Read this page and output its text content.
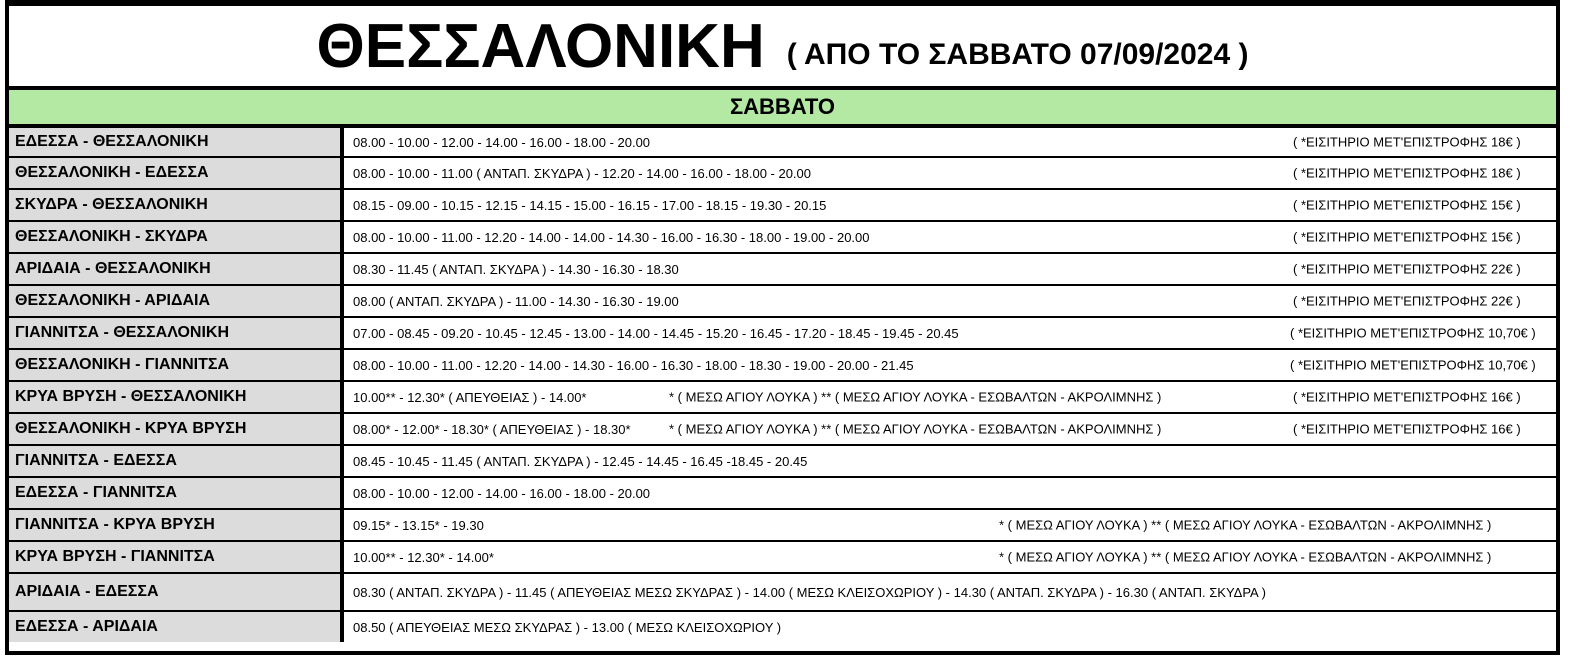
ΘΕΣΣΑΛΟΝΙΚΗ ( ΑΠΟ ΤΟ ΣΑΒΒΑΤΟ 07/09/2024 )
ΣΑΒΒΑΤΟ
ΕΔΕΣΣΑ - ΘΕΣΣΑΛΟΝΙΚΗ	08.00 - 10.00 - 12.00 - 14.00 - 16.00 - 18.00 - 20.00	( *ΕΙΣΙΤΗΡΙΟ ΜΕΤ'ΕΠΙΣΤΡΟΦΗΣ 18€ )
ΘΕΣΣΑΛΟΝΙΚΗ - ΕΔΕΣΣΑ	08.00 - 10.00 - 11.00 ( ΑΝΤΑΠ. ΣΚΥΔΡΑ ) - 12.20 - 14.00 - 16.00 - 18.00 - 20.00	( *ΕΙΣΙΤΗΡΙΟ ΜΕΤ'ΕΠΙΣΤΡΟΦΗΣ 18€ )
ΣΚΥΔΡΑ - ΘΕΣΣΑΛΟΝΙΚΗ	08.15 - 09.00 - 10.15 - 12.15 - 14.15 - 15.00 - 16.15 - 17.00 - 18.15 - 19.30 - 20.15	( *ΕΙΣΙΤΗΡΙΟ ΜΕΤ'ΕΠΙΣΤΡΟΦΗΣ 15€ )
ΘΕΣΣΑΛΟΝΙΚΗ - ΣΚΥΔΡΑ	08.00 - 10.00 - 11.00 - 12.20 - 14.00 - 14.00 - 14.30 - 16.00 - 16.30 - 18.00 - 19.00 - 20.00	( *ΕΙΣΙΤΗΡΙΟ ΜΕΤ'ΕΠΙΣΤΡΟΦΗΣ 15€ )
ΑΡΙΔΑΙΑ - ΘΕΣΣΑΛΟΝΙΚΗ	08.30 - 11.45 ( ΑΝΤΑΠ. ΣΚΥΔΡΑ ) - 14.30 - 16.30 - 18.30	( *ΕΙΣΙΤΗΡΙΟ ΜΕΤ'ΕΠΙΣΤΡΟΦΗΣ 22€ )
ΘΕΣΣΑΛΟΝΙΚΗ - ΑΡΙΔΑΙΑ	08.00 ( ΑΝΤΑΠ. ΣΚΥΔΡΑ ) - 11.00 - 14.30 - 16.30 - 19.00	( *ΕΙΣΙΤΗΡΙΟ ΜΕΤ'ΕΠΙΣΤΡΟΦΗΣ 22€ )
ΓΙΑΝΝΙΤΣΑ - ΘΕΣΣΑΛΟΝΙΚΗ	07.00 - 08.45 - 09.20 - 10.45 - 12.45 - 13.00 - 14.00 - 14.45 - 15.20 - 16.45 - 17.20 - 18.45 - 19.45 - 20.45	( *ΕΙΣΙΤΗΡΙΟ ΜΕΤ'ΕΠΙΣΤΡΟΦΗΣ 10,70€ )
ΘΕΣΣΑΛΟΝΙΚΗ - ΓΙΑΝΝΙΤΣΑ	08.00 - 10.00 - 11.00 - 12.20 - 14.00 - 14.30 - 16.00 - 16.30 - 18.00 - 18.30 - 19.00 - 20.00 - 21.45	( *ΕΙΣΙΤΗΡΙΟ ΜΕΤ'ΕΠΙΣΤΡΟΦΗΣ 10,70€ )
ΚΡΥΑ ΒΡΥΣΗ - ΘΕΣΣΑΛΟΝΙΚΗ	10.00** - 12.30* ( ΑΠΕΥΘΕΙΑΣ ) - 14.00*	* ( ΜΕΣΩ ΑΓΙΟΥ ΛΟΥΚΑ ) ** ( ΜΕΣΩ ΑΓΙΟΥ ΛΟΥΚΑ - ΕΣΩΒΑΛΤΩΝ - ΑΚΡΟΛΙΜΝΗΣ )	( *ΕΙΣΙΤΗΡΙΟ ΜΕΤ'ΕΠΙΣΤΡΟΦΗΣ 16€ )
ΘΕΣΣΑΛΟΝΙΚΗ - ΚΡΥΑ ΒΡΥΣΗ	08.00* - 12.00* - 18.30* ( ΑΠΕΥΘΕΙΑΣ ) - 18.30*	* ( ΜΕΣΩ ΑΓΙΟΥ ΛΟΥΚΑ ) ** ( ΜΕΣΩ ΑΓΙΟΥ ΛΟΥΚΑ - ΕΣΩΒΑΛΤΩΝ - ΑΚΡΟΛΙΜΝΗΣ )	( *ΕΙΣΙΤΗΡΙΟ ΜΕΤ'ΕΠΙΣΤΡΟΦΗΣ 16€ )
ΓΙΑΝΝΙΤΣΑ - ΕΔΕΣΣΑ	08.45 - 10.45 - 11.45 ( ΑΝΤΑΠ. ΣΚΥΔΡΑ ) - 12.45 - 14.45 - 16.45 -18.45 - 20.45
ΕΔΕΣΣΑ - ΓΙΑΝΝΙΤΣΑ	08.00 - 10.00 - 12.00 - 14.00 - 16.00 - 18.00 - 20.00
ΓΙΑΝΝΙΤΣΑ - ΚΡΥΑ ΒΡΥΣΗ	09.15* - 13.15* - 19.30	* ( ΜΕΣΩ ΑΓΙΟΥ ΛΟΥΚΑ ) ** ( ΜΕΣΩ ΑΓΙΟΥ ΛΟΥΚΑ - ΕΣΩΒΑΛΤΩΝ - ΑΚΡΟΛΙΜΝΗΣ )
ΚΡΥΑ ΒΡΥΣΗ - ΓΙΑΝΝΙΤΣΑ	10.00** - 12.30* - 14.00*	* ( ΜΕΣΩ ΑΓΙΟΥ ΛΟΥΚΑ ) ** ( ΜΕΣΩ ΑΓΙΟΥ ΛΟΥΚΑ - ΕΣΩΒΑΛΤΩΝ - ΑΚΡΟΛΙΜΝΗΣ )
ΑΡΙΔΑΙΑ - ΕΔΕΣΣΑ	08.30 ( ΑΝΤΑΠ. ΣΚΥΔΡΑ ) - 11.45 ( ΑΠΕΥΘΕΙΑΣ ΜΕΣΩ ΣΚΥΔΡΑΣ ) - 14.00 ( ΜΕΣΩ ΚΛΕΙΣΟΧΩΡΙΟΥ ) - 14.30 ( ΑΝΤΑΠ. ΣΚΥΔΡΑ ) - 16.30 ( ΑΝΤΑΠ. ΣΚΥΔΡΑ )
ΕΔΕΣΣΑ - ΑΡΙΔΑΙΑ	08.50 ( ΑΠΕΥΘΕΙΑΣ ΜΕΣΩ ΣΚΥΔΡΑΣ ) - 13.00 ( ΜΕΣΩ ΚΛΕΙΣΟΧΩΡΙΟΥ )
